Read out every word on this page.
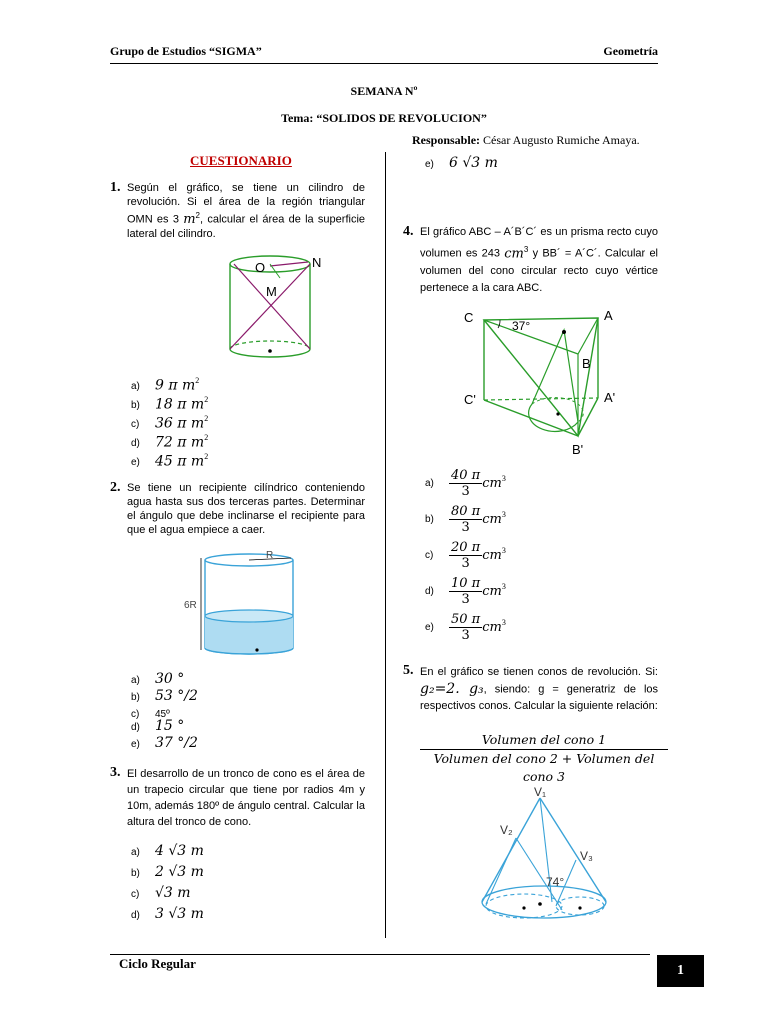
Grupo de Estudios “SIGMA”	Geometría
SEMANA Nº
Tema: “SOLIDOS DE REVOLUCION”
Responsable: César Augusto Rumiche Amaya.
CUESTIONARIO
1. Según el gráfico, se tiene un cilindro de revolución. Si el área de la región triangular OMN es 3 $m^2$, calcular el área de la superficie lateral del cilindro.
O	N
M
a) 9 π $m^2$
b) 18 π $m^2$
c) 36 π $m^2$
d) 72 π $m^2$
e) 45 π $m^2$
2. Se tiene un recipiente cilíndrico conteniendo agua hasta sus dos terceras partes. Determinar el ángulo que debe inclinarse el recipiente para que el agua empiece a caer.
R
6R
a) 30 °
b) 53 °/2
c) 45º
d) 15 °
e) 37 °/2
3. El desarrollo de un tronco de cono es el área de un trapecio circular que tiene por radios 4m y 10m, además 180º de ángulo central. Calcular la altura del tronco de cono.
a) 4 √3 m
b) 2 √3 m
c) √3 m
d) 3 √3 m
e) 6 √3 m
4. El gráfico ABC – A´B´C´ es un prisma recto cuyo volumen es 243 $cm^3$ y BB´ = A´C´. Calcular el volumen del cono circular recto cuyo vértice pertenece a la cara ABC.
C	A
B
C'	A'
B'
37°
$a) \frac{40 \pi}{3} cm^3$
$b) \frac{80 \pi}{3} cm^3$
$c) \frac{20 \pi}{3} cm^3$
$d) \frac{10 \pi}{3} cm^3$
$e) \frac{50 \pi}{3} cm^3$
5. En el gráfico se tienen conos de revolución. Si: g₂=2. g₃, siendo: g = generatriz de los respectivos conos. Calcular la siguiente relación:
Volumen del cono 1
Volumen del cono 2 + Volumen del cono 3
V₁
V₂
V₃
74°
Ciclo Regular	1
